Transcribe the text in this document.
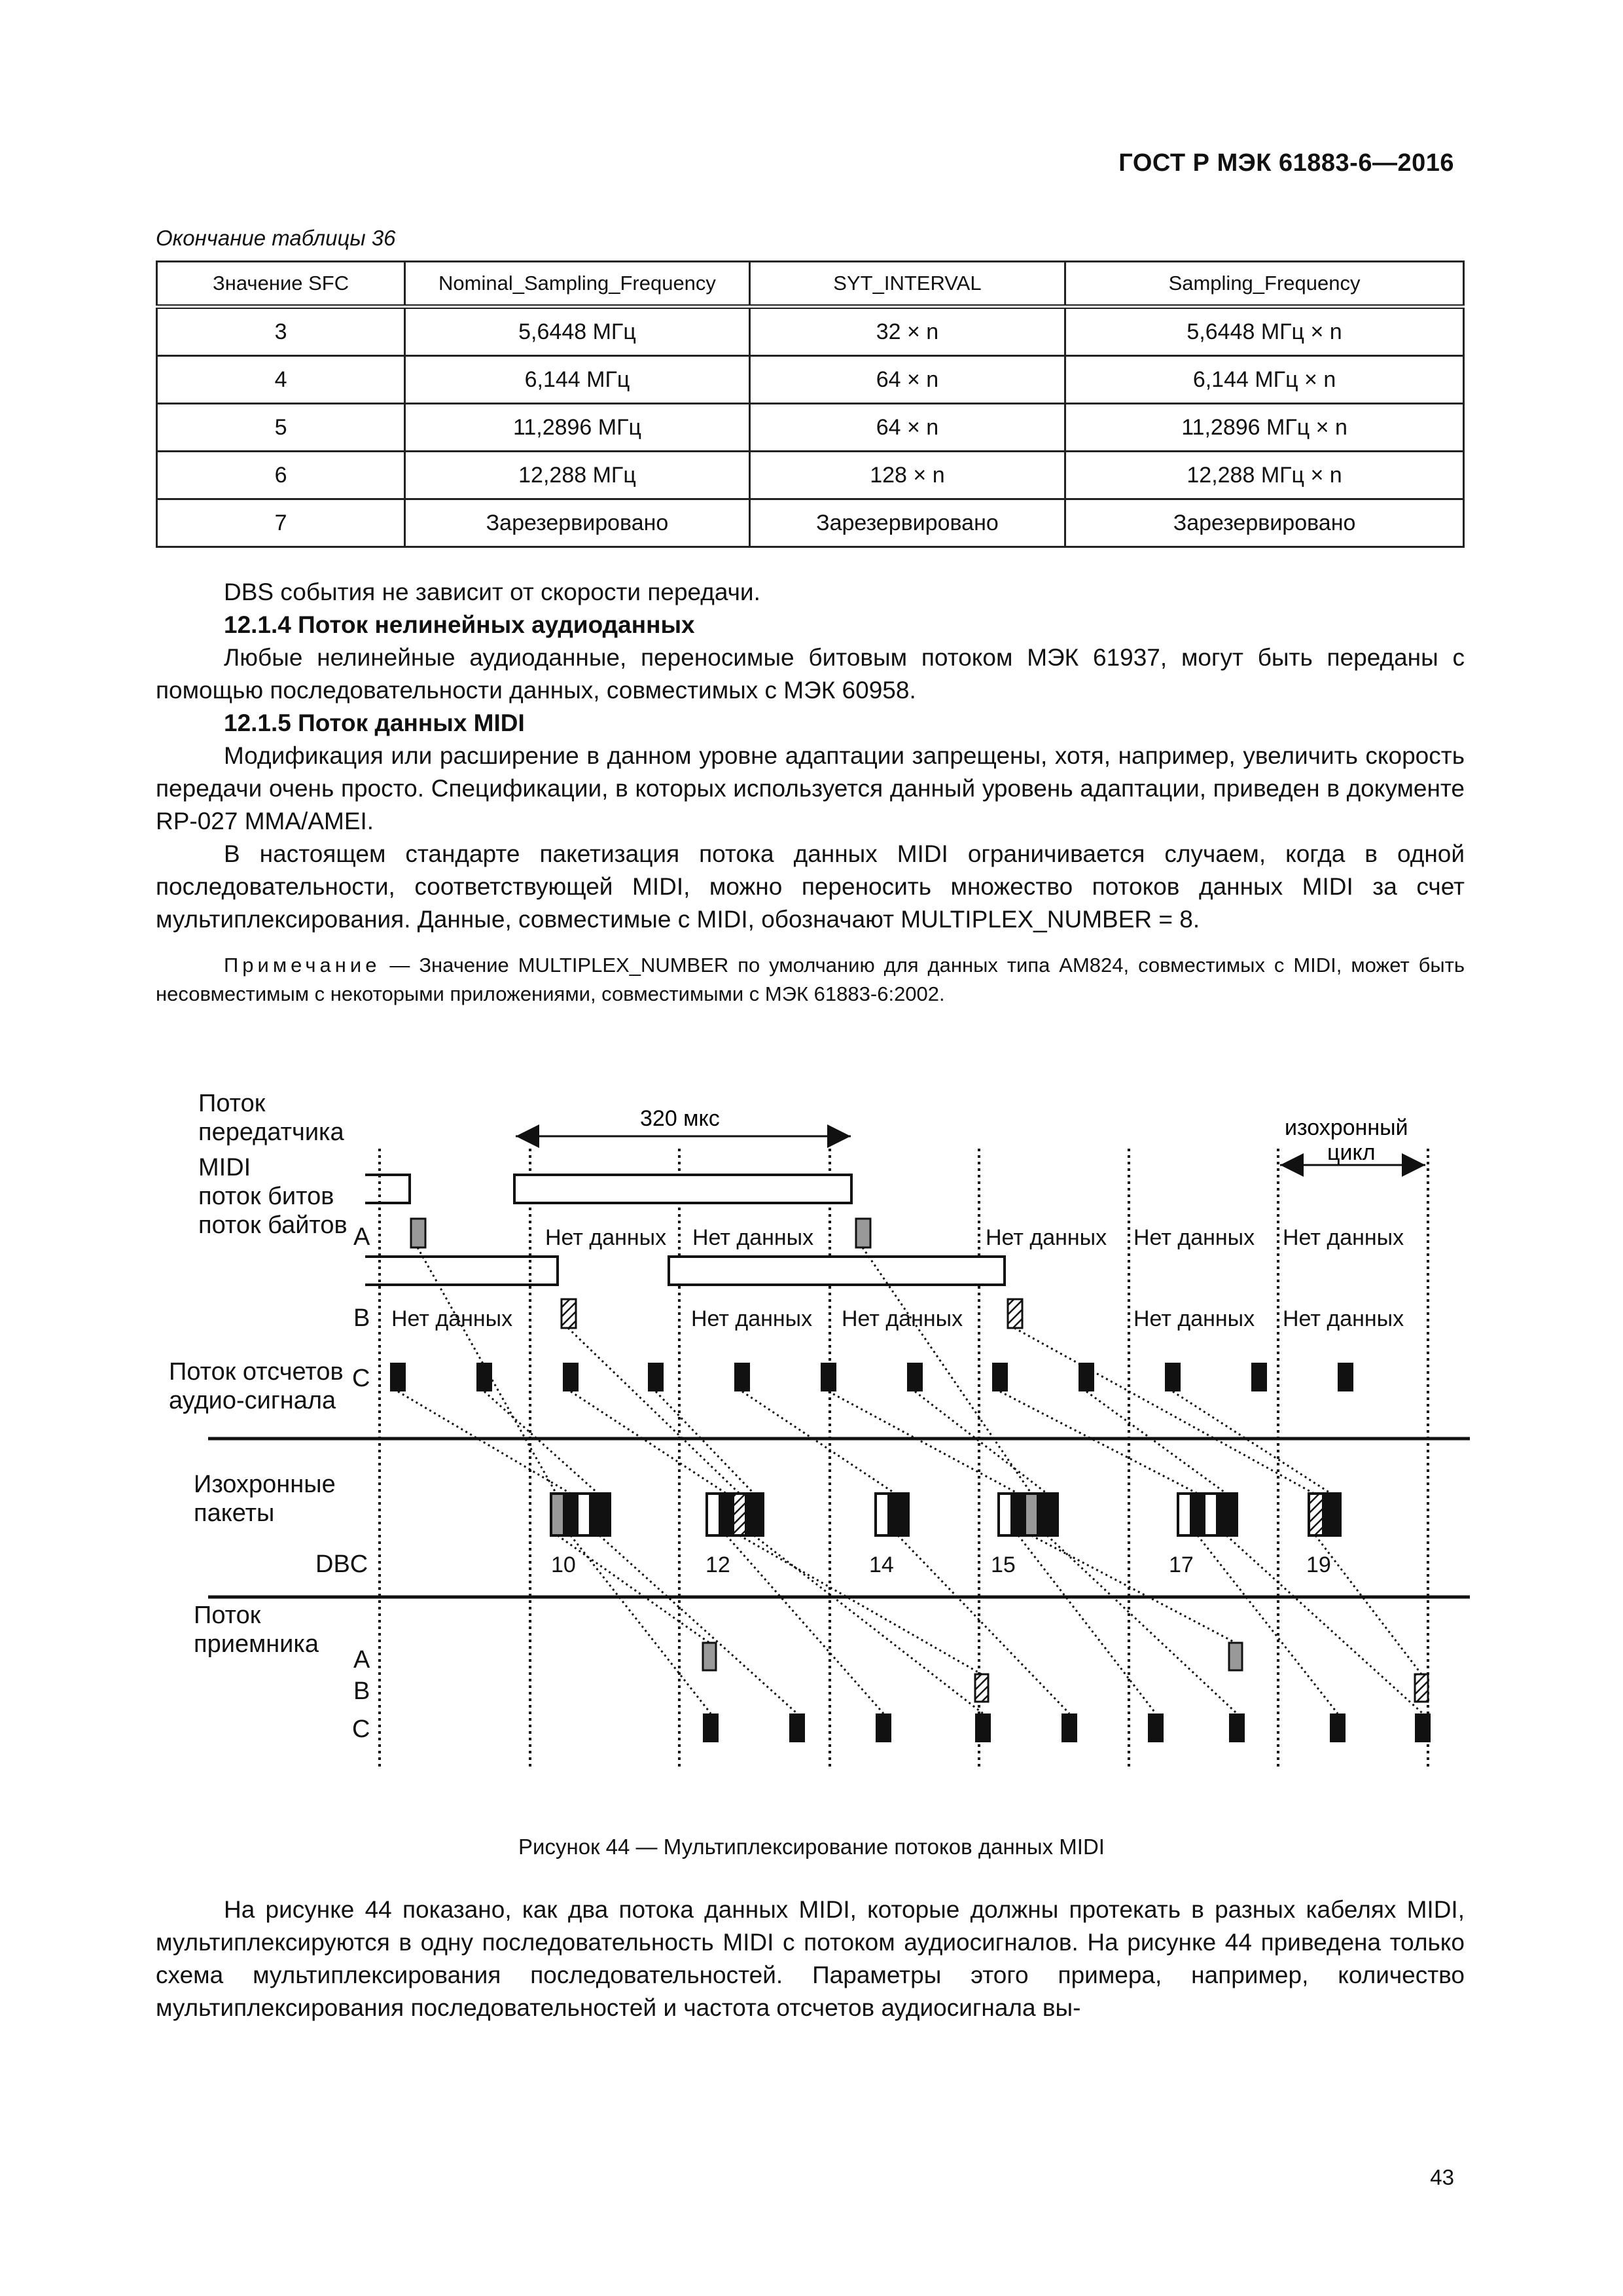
ГОСТ Р МЭК 61883-6—2016
Окончание таблицы 36
Значение SFC	Nominal_Sampling_Frequency	SYT_INTERVAL	Sampling_Frequency
3	5,6448 МГц	32 × n	5,6448 МГц × n
4	6,144 МГц	64 × n	6,144 МГц × n
5	11,2896 МГц	64 × n	11,2896 МГц × n
6	12,288 МГц	128 × n	12,288 МГц × n
7	Зарезервировано	Зарезервировано	Зарезервировано

DBS события не зависит от скорости передачи.

12.1.4 Поток нелинейных аудиоданных

Любые нелинейные аудиоданные, переносимые битовым потоком МЭК 61937, могут быть переданы с помощью последовательности данных, совместимых с МЭК 60958.

12.1.5 Поток данных MIDI

Модификация или расширение в данном уровне адаптации запрещены, хотя, например, увеличить скорость передачи очень просто. Спецификации, в которых используется данный уровень адаптации, приведен в документе RP-027 MMA/AMEI.

В настоящем стандарте пакетизация потока данных MIDI ограничивается случаем, когда в одной последовательности, соответствующей MIDI, можно переносить множество потоков данных MIDI за счет мультиплексирования. Данные, совместимые с MIDI, обозначают MULTIPLEX_NUMBER = 8.

Примечание — Значение MULTIPLEX_NUMBER по умолчанию для данных типа AM824, совместимых с MIDI, может быть несовместимым с некоторыми приложениями, совместимыми с МЭК 61883-6:2002.

Поток
передатчика
MIDI
поток битов
поток байтов A
B
Поток отсчетов C
аудио-сигнала
Изохронные
пакеты
DBC
Поток
приемника
A
B
C
320 мкс	изохронный
цикл
Нет данных Нет данных	Нет данных Нет данных Нет данных
Нет данных	Нет данных Нет данных	Нет данных Нет данных
10	12	14	15	17	19
Рисунок 44 — Мультиплексирование потоков данных MIDI

На рисунке 44 показано, как два потока данных MIDI, которые должны протекать в разных кабелях MIDI, мультиплексируются в одну последовательность MIDI с потоком аудиосигналов. На рисунке 44 приведена только схема мультиплексирования последовательностей. Параметры этого примера, например, количество мультиплексирования последовательностей и частота отсчетов аудиосигнала вы-

43
